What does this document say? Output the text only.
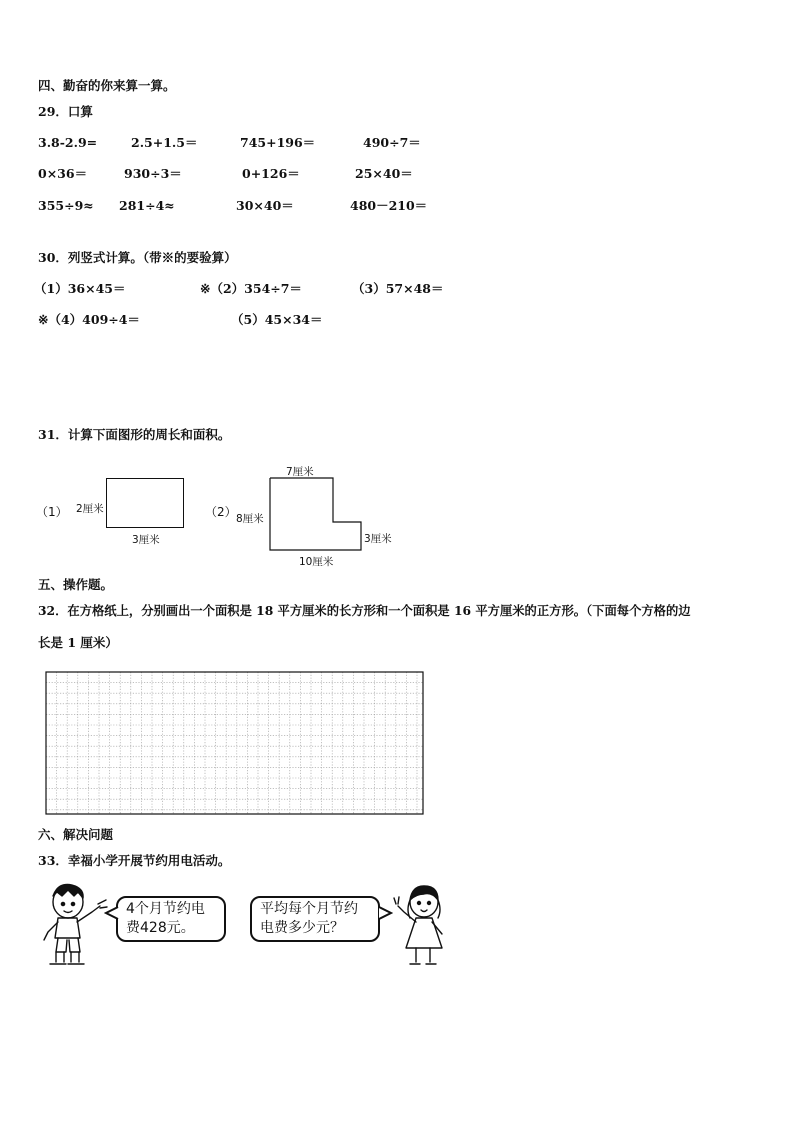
四、勤奋的你来算一算。
29．口算
3.8-2.9=	2.5+1.5＝	745+196＝	490÷7＝
0×36＝	930÷3＝	0+126＝	25×40＝
355÷9≈ 281÷4≈	30×40＝	480－210＝
30．列竖式计算。（带※的要验算）
（1）36×45＝	※（2）354÷7＝	（3）57×48＝
※（4）409÷4＝	（5）45×34＝
31．计算下面图形的周长和面积。
（1） 2厘米
3厘米
（2）
7厘米
8厘米
3厘米
10厘米
五、操作题。
32．在方格纸上，分别画出一个面积是 18 平方厘米的长方形和一个面积是 16 平方厘米的正方形。（下面每个方格的边
长是 1 厘米）
六、解决问题
33．幸福小学开展节约用电活动。
4个月节约电
费428元。
平均每个月节约
电费多少元？
